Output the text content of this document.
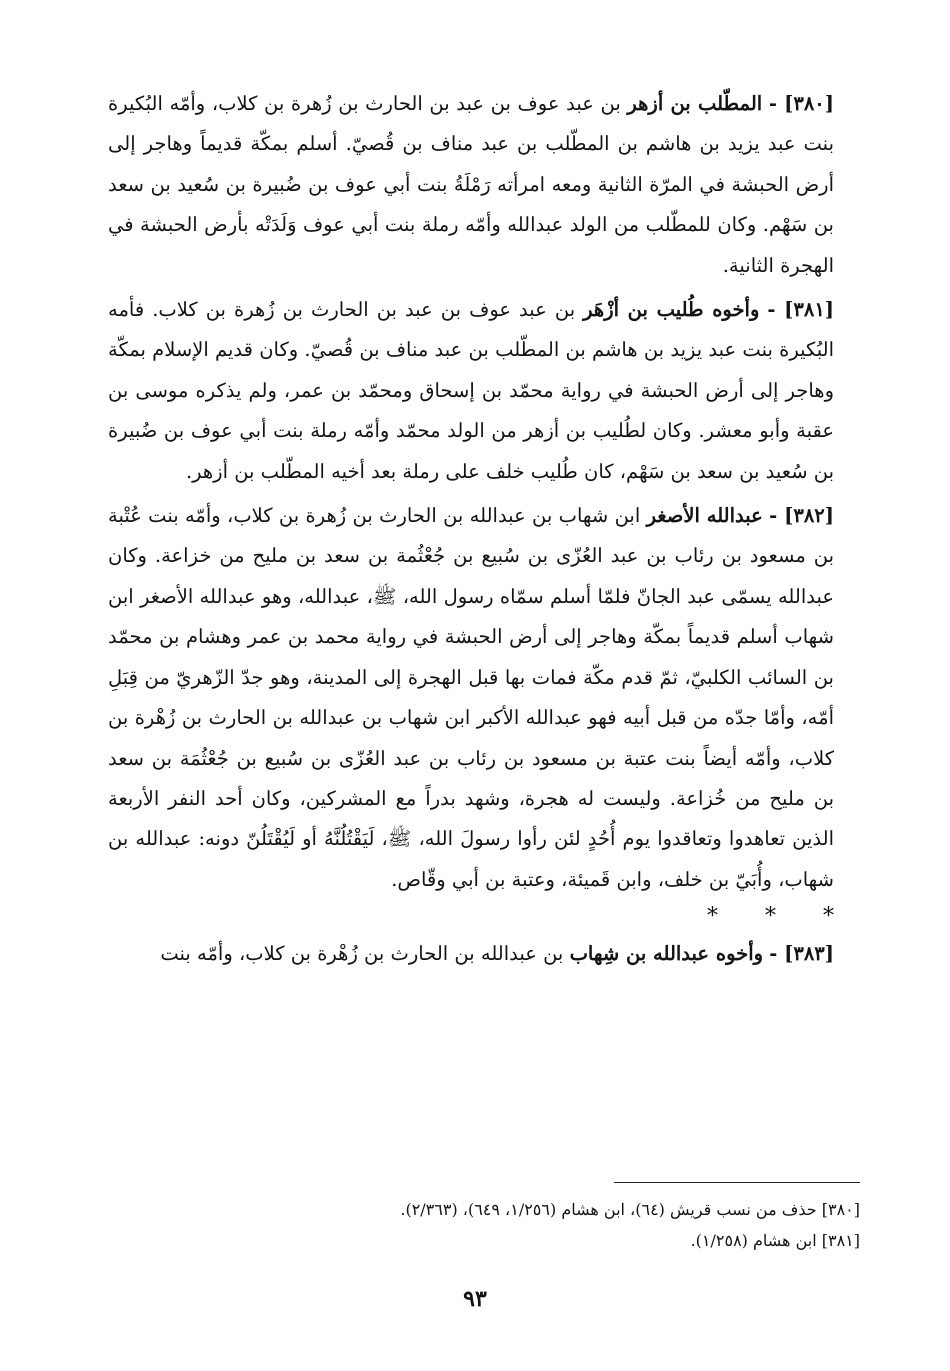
[٣٨٠] - المطّلب بن أزهر بن عبد عوف بن عبد بن الحارث بن زُهرة بن كلاب، وأمّه البُكيرة بنت عبد يزيد بن هاشم بن المطّلب بن عبد مناف بن قُصيّ. أسلم بمكّة قديماً وهاجر إلى أرض الحبشة في المرّة الثانية ومعه امرأته رَمْلَةُ بنت أبي عوف بن ضُبيرة بن سُعيد بن سعد بن سَهْم. وكان للمطّلب من الولد عبدالله وأمّه رملة بنت أبي عوف وَلَدَتْه بأرض الحبشة في الهجرة الثانية.

[٣٨١] - وأخوه طُليب بن أزْهَر بن عبد عوف بن عبد بن الحارث بن زُهرة بن كلاب. فأمه البُكيرة بنت عبد يزيد بن هاشم بن المطّلب بن عبد مناف بن قُصيّ. وكان قديم الإسلام بمكّة وهاجر إلى أرض الحبشة في رواية محمّد بن إسحاق ومحمّد بن عمر، ولم يذكره موسى بن عقبة وأبو معشر. وكان لطُليب بن أزهر من الولد محمّد وأمّه رملة بنت أبي عوف بن ضُبيرة بن سُعيد بن سعد بن سَهْم، كان طُليب خلف على رملة بعد أخيه المطّلب بن أزهر.

[٣٨٢] - عبدالله الأصغر ابن شهاب بن عبدالله بن الحارث بن زُهرة بن كلاب، وأمّه بنت عُتْبة بن مسعود بن رئاب بن عبد العُزّى بن سُبيع بن جُعْثُمة بن سعد بن مليح من خزاعة. وكان عبدالله يسمّى عبد الجانّ فلمّا أسلم سمّاه رسول الله، ﷺ، عبدالله، وهو عبدالله الأصغر ابن شهاب أسلم قديماً بمكّة وهاجر إلى أرض الحبشة في رواية محمد بن عمر وهشام بن محمّد بن السائب الكلبيّ، ثمّ قدم مكّة فمات بها قبل الهجرة إلى المدينة، وهو جدّ الزّهريّ من قِبَلِ أمّه، وأمّا جدّه من قبل أبيه فهو عبدالله الأكبر ابن شهاب بن عبدالله بن الحارث بن زُهْرة بن كلاب، وأمّه أيضاً بنت عتبة بن مسعود بن رئاب بن عبد العُزّى بن سُبيع بن جُعْثُمَة بن سعد بن مليح من خُزاعة. وليست له هجرة، وشهد بدراً مع المشركين، وكان أحد النفر الأربعة الذين تعاهدوا وتعاقدوا يوم أُحُدٍ لئن رأوا رسولَ الله، ﷺ، لَيَقْتُلُنَّهُ أو لَيُقْتَلُنّ دونه: عبدالله بن شهاب، وأُبَيّ بن خلف، وابن قَميئة، وعتبة بن أبي وقّاص.

* * *

[٣٨٣] - وأخوه عبدالله بن شِهاب بن عبدالله بن الحارث بن زُهْرة بن كلاب، وأمّه بنت

[٣٨٠] حذف من نسب قريش (٦٤)، ابن هشام (١/٢٥٦، ٦٤٩)، (٢/٣٦٣).

[٣٨١] ابن هشام (١/٢٥٨).

٩٣
